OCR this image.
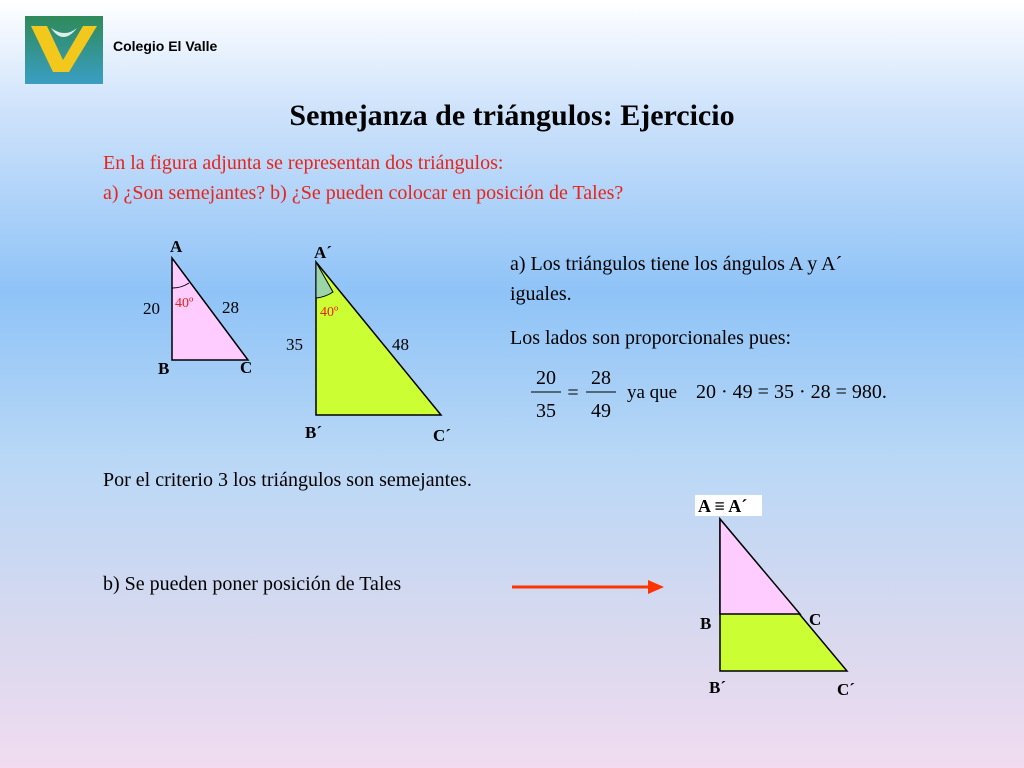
Colegio El Valle
Semejanza de triángulos: Ejercicio
En la figura adjunta se representan dos triángulos:
a) ¿Son semejantes? b) ¿Se pueden colocar en posición de Tales?
A
B	C
20	28
40º
A´
B´	C´
35	48
40º
a) Los triángulos tiene los ángulos A y A´
iguales.
Los lados son proporcionales pues:
20
35
=
28
49
ya que 20 · 49 = 35 · 28 = 980.
Por el criterio 3 los triángulos son semejantes.
b) Se pueden poner posición de Tales
A ≡ A´
B	C
B´	C´
